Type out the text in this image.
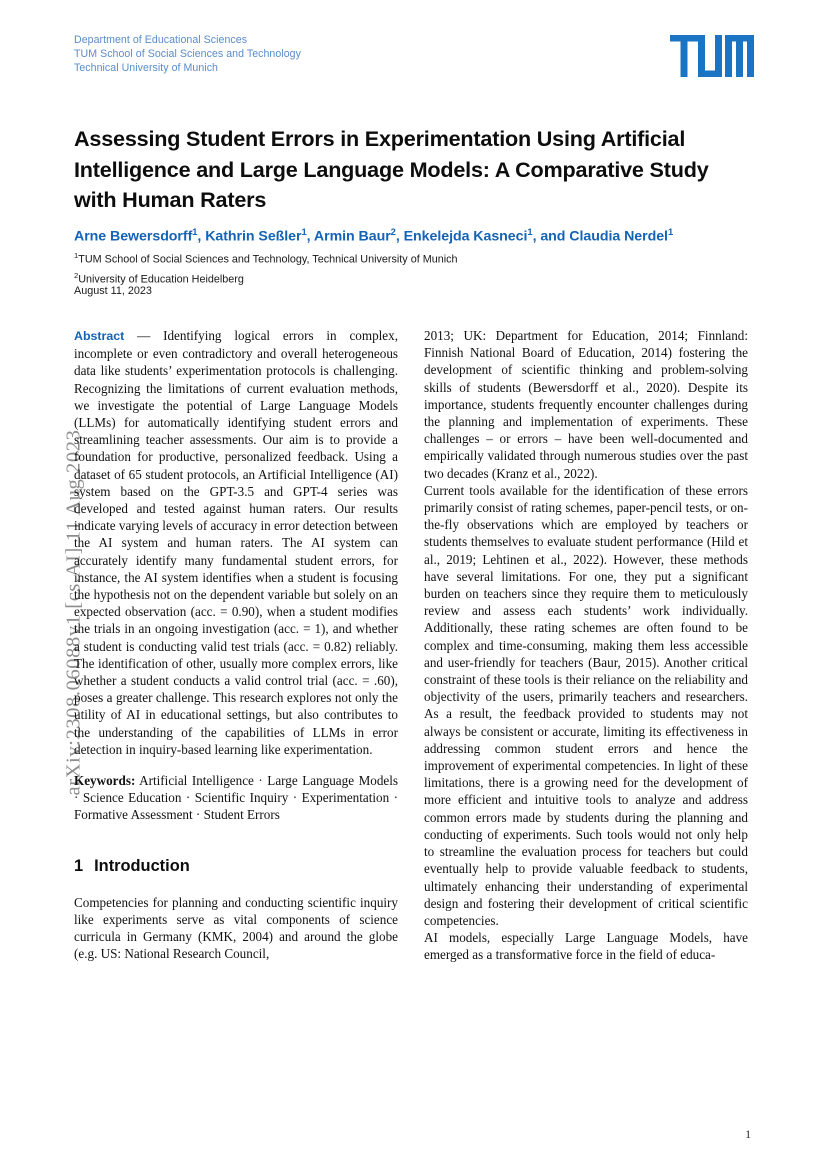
arXiv:2308.06088v1 [cs.AI] 11 Aug 2023
Department of Educational Sciences
TUM School of Social Sciences and Technology
Technical University of Munich
Assessing Student Errors in Experimentation Using Artificial Intelligence and Large Language Models: A Comparative Study with Human Raters
Arne Bewersdorff$^1$, Kathrin Seßler$^1$, Armin Baur$^2$, Enkelejda Kasneci$^1$, and Claudia Nerdel$^1$
$^1$TUM School of Social Sciences and Technology, Technical University of Munich
$^2$University of Education Heidelberg
August 11, 2023

Abstract — Identifying logical errors in complex, incomplete or even contradictory and overall heterogeneous data like students’ experimentation protocols is challenging. Recognizing the limitations of current evaluation methods, we investigate the potential of Large Language Models (LLMs) for automatically identifying student errors and streamlining teacher assessments. Our aim is to provide a foundation for productive, personalized feedback. Using a dataset of 65 student protocols, an Artificial Intelligence (AI) system based on the GPT-3.5 and GPT-4 series was developed and tested against human raters. Our results indicate varying levels of accuracy in error detection between the AI system and human raters. The AI system can accurately identify many fundamental student errors, for instance, the AI system identifies when a student is focusing the hypothesis not on the dependent variable but solely on an expected observation (acc. = 0.90), when a student modifies the trials in an ongoing investigation (acc. = 1), and whether a student is conducting valid test trials (acc. = 0.82) reliably. The identification of other, usually more complex errors, like whether a student conducts a valid control trial (acc. = .60), poses a greater challenge. This research explores not only the utility of AI in educational settings, but also contributes to the understanding of the capabilities of LLMs in error detection in inquiry-based learning like experimentation.

Keywords: Artificial Intelligence · Large Language Models · Science Education · Scientific Inquiry · Experimentation · Formative Assessment · Student Errors

1 Introduction

Competencies for planning and conducting scientific inquiry like experiments serve as vital components of science curricula in Germany (KMK, 2004) and around the globe (e.g. US: National Research Council,

2013; UK: Department for Education, 2014; Finnland: Finnish National Board of Education, 2014) fostering the development of scientific thinking and problem-solving skills of students (Bewersdorff et al., 2020). Despite its importance, students frequently encounter challenges during the planning and implementation of experiments. These challenges – or errors – have been well-documented and empirically validated through numerous studies over the past two decades (Kranz et al., 2022).

Current tools available for the identification of these errors primarily consist of rating schemes, paper-pencil tests, or on-the-fly observations which are employed by teachers or students themselves to evaluate student performance (Hild et al., 2019; Lehtinen et al., 2022). However, these methods have several limitations. For one, they put a significant burden on teachers since they require them to meticulously review and assess each students’ work individually. Additionally, these rating schemes are often found to be complex and time-consuming, making them less accessible and user-friendly for teachers (Baur, 2015). Another critical constraint of these tools is their reliance on the reliability and objectivity of the users, primarily teachers and researchers. As a result, the feedback provided to students may not always be consistent or accurate, limiting its effectiveness in addressing common student errors and hence the improvement of experimental competencies. In light of these limitations, there is a growing need for the development of more efficient and intuitive tools to analyze and address common errors made by students during the planning and conducting of experiments. Such tools would not only help to streamline the evaluation process for teachers but could eventually help to provide valuable feedback to students, ultimately enhancing their understanding of experimental design and fostering their development of critical scientific competencies.

AI models, especially Large Language Models, have emerged as a transformative force in the field of educa-

1
